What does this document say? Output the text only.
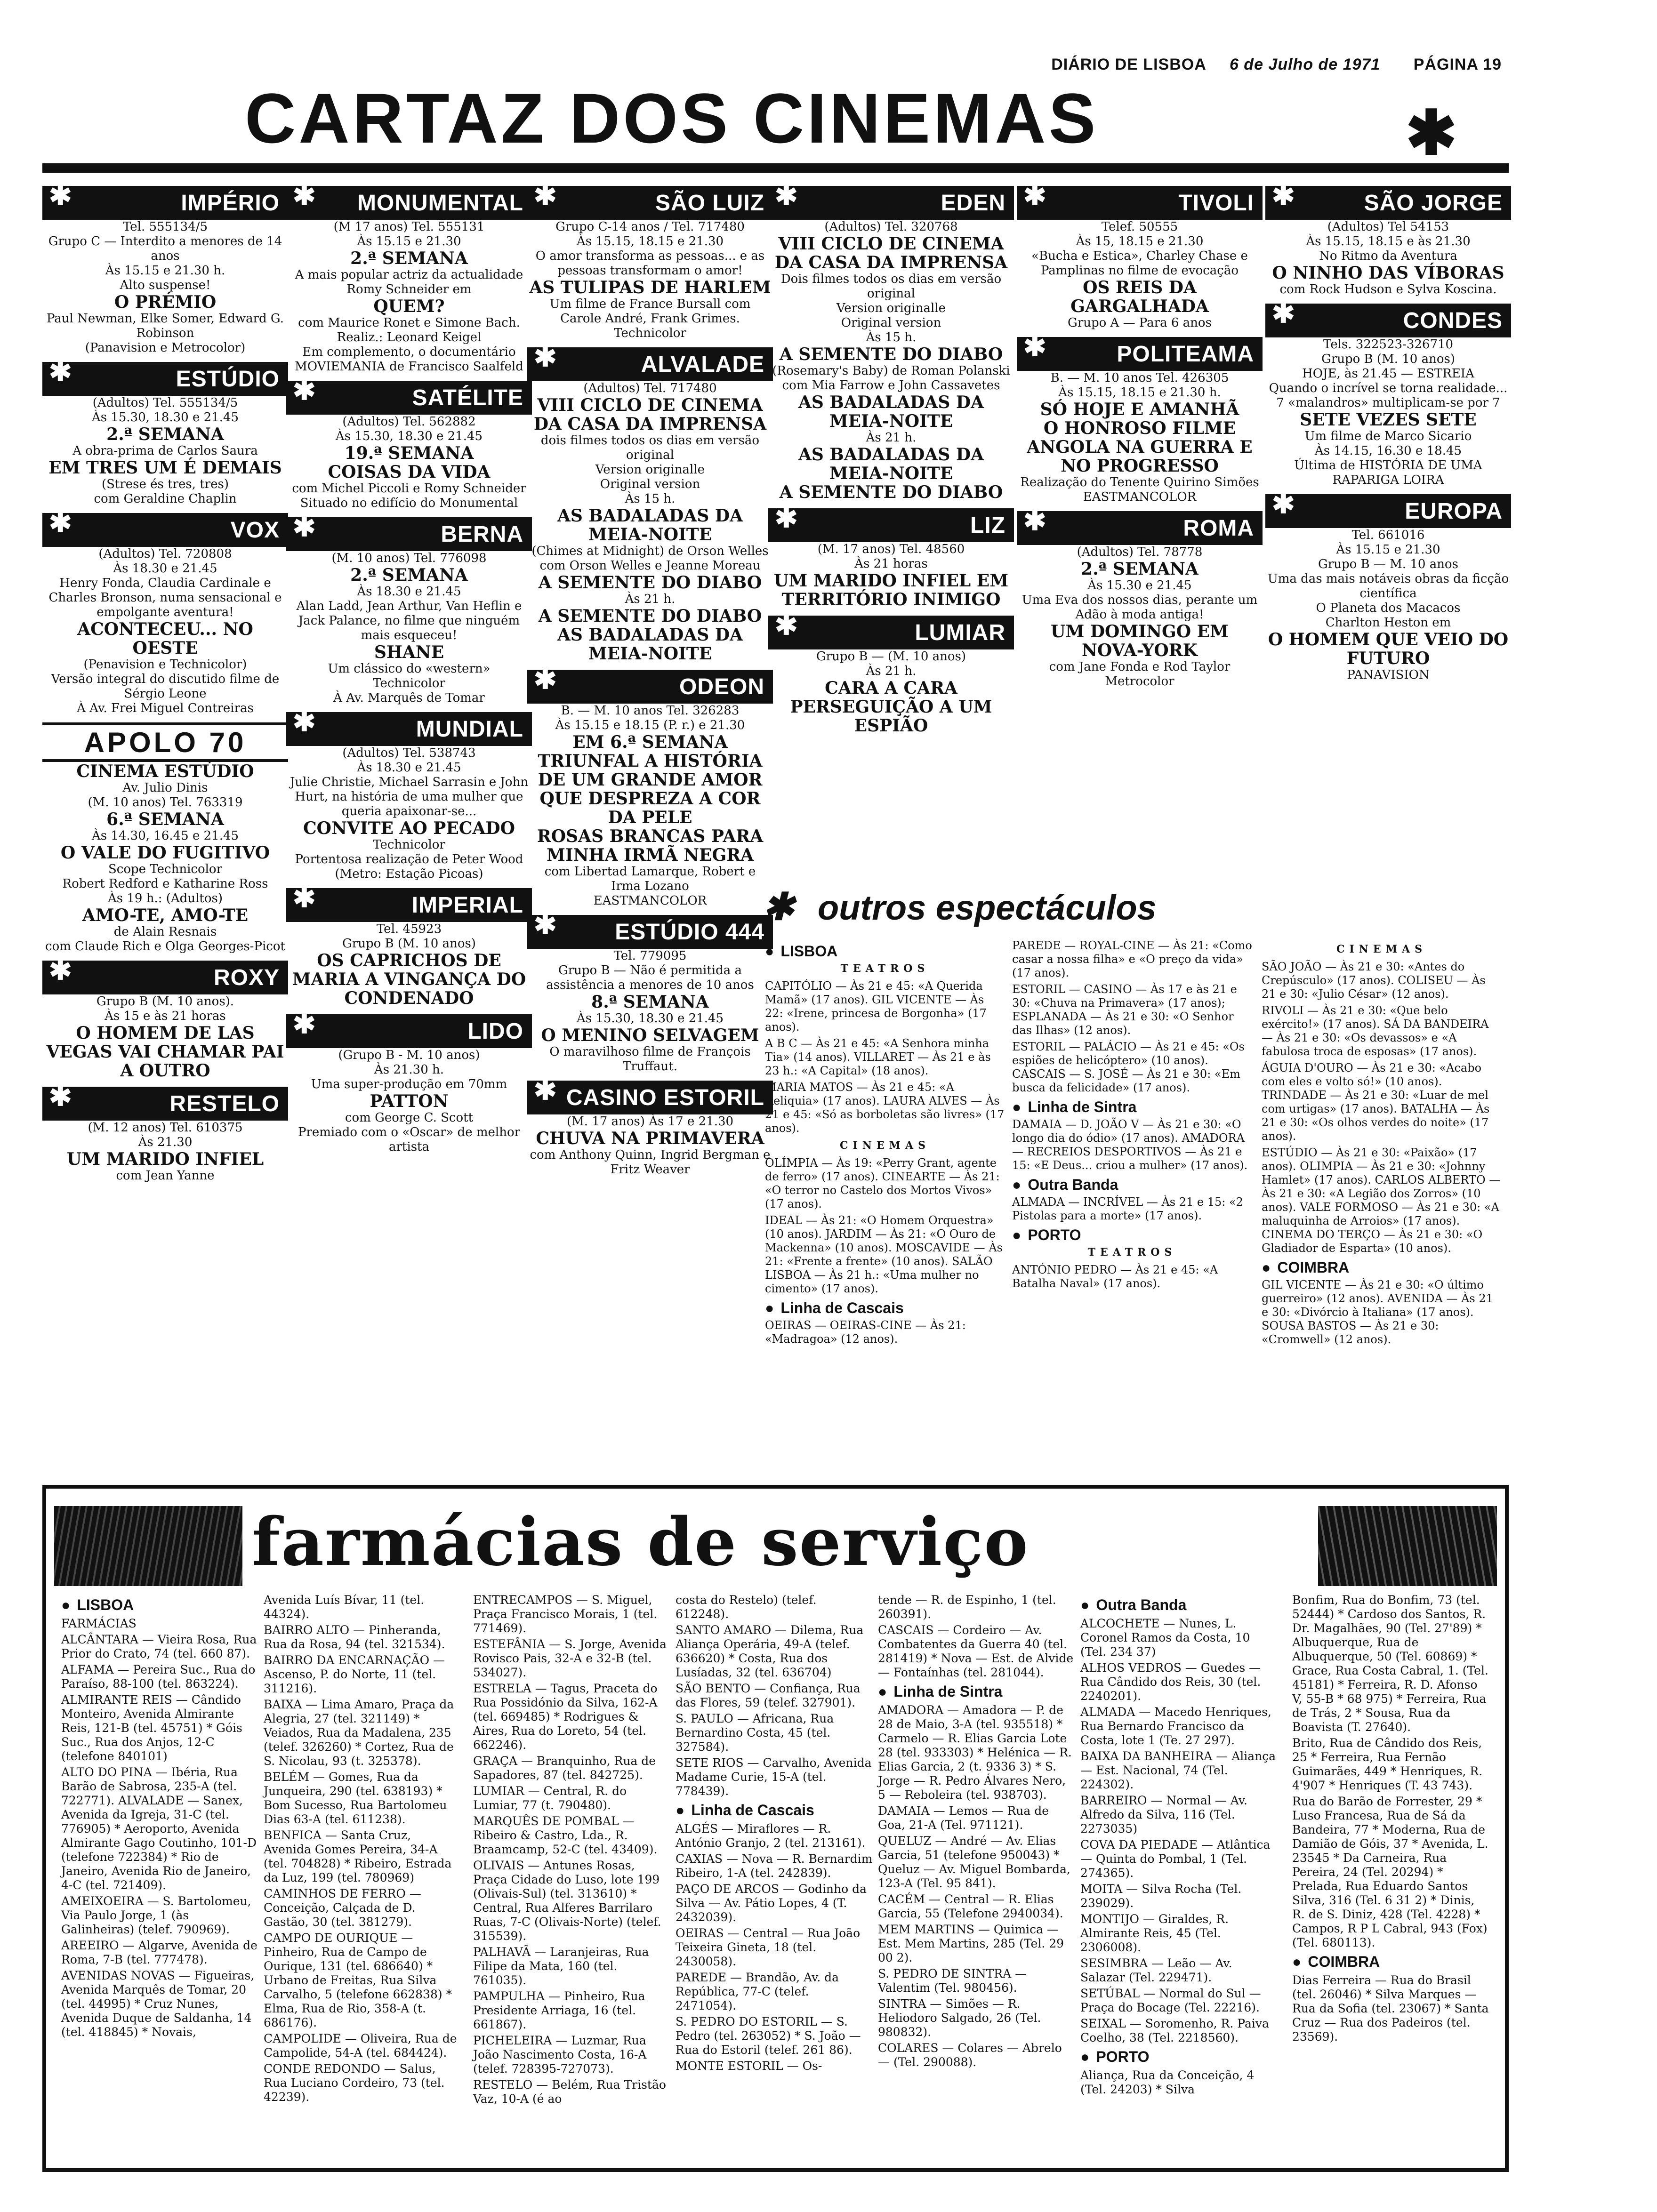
DIÁRIO DE LISBOA 6 de Julho de 1971 PÁGINA 19
CARTAZ DOS CINEMAS	✱
✱	IMPÉRIO
Tel. 555134/5
Grupo C — Interdito a menores de 14 anos
Às 15.15 e 21.30 h.
Alto suspense!
O PRÉMIO
Paul Newman, Elke Somer, Edward G. Robinson
(Panavision e Metrocolor)
✱	ESTÚDIO
(Adultos) Tel. 555134/5
Às 15.30, 18.30 e 21.45
2.ª SEMANA
A obra-prima de Carlos Saura
EM TRES UM É DEMAIS
(Strese és tres, tres)
com Geraldine Chaplin
✱	VOX
(Adultos) Tel. 720808
Às 18.30 e 21.45
Henry Fonda, Claudia Cardinale e Charles Bronson, numa sensacional e empolgante aventura!
ACONTECEU... NO OESTE
(Penavision e Technicolor)
Versão integral do discutido filme de Sérgio Leone
À Av. Frei Miguel Contreiras
APOLO 70
CINEMA ESTÚDIO
Av. Julio Dinis
(M. 10 anos) Tel. 763319
6.ª SEMANA
Às 14.30, 16.45 e 21.45
O VALE DO FUGITIVO
Scope Technicolor
Robert Redford e Katharine Ross
Às 19 h.: (Adultos)
AMO-TE, AMO-TE
de Alain Resnais
com Claude Rich e Olga Georges-Picot
✱	ROXY
Grupo B (M. 10 anos).
Às 15 e às 21 horas
O HOMEM DE LAS VEGAS VAI CHAMAR PAI A OUTRO
✱	RESTELO
(M. 12 anos) Tel. 610375
Às 21.30
UM MARIDO INFIEL
com Jean Yanne
✱ MONUMENTAL
(M 17 anos) Tel. 555131
Às 15.15 e 21.30
2.ª SEMANA
A mais popular actriz da actualidade
Romy Schneider em
QUEM?
com Maurice Ronet e Simone Bach. Realiz.: Leonard Keigel
Em complemento, o documentário MOVIEMANIA de Francisco Saalfeld
✱	SATÉLITE
(Adultos) Tel. 562882
Às 15.30, 18.30 e 21.45
19.ª SEMANA
COISAS DA VIDA
com Michel Piccoli e Romy Schneider
Situado no edifício do Monumental
✱	BERNA
(M. 10 anos) Tel. 776098
2.ª SEMANA
Às 18.30 e 21.45
Alan Ladd, Jean Arthur, Van Heflin e Jack Palance, no filme que ninguém mais esqueceu!
SHANE
Um clássico do «western»
Technicolor
À Av. Marquês de Tomar
✱	MUNDIAL
(Adultos) Tel. 538743
Às 18.30 e 21.45
Julie Christie, Michael Sarrasin e John Hurt, na história de uma mulher que queria apaixonar-se...
CONVITE AO PECADO
Technicolor
Portentosa realização de Peter Wood
(Metro: Estação Picoas)
✱	IMPERIAL
Tel. 45923
Grupo B (M. 10 anos)
OS CAPRICHOS DE MARIA A VINGANÇA DO CONDENADO
✱	LIDO
(Grupo B - M. 10 anos)
Às 21.30 h.
Uma super-produção em 70mm
PATTON
com George C. Scott
Premiado com o «Oscar» de melhor artista
✱	SÃO LUIZ
Grupo C-14 anos / Tel. 717480
Às 15.15, 18.15 e 21.30
O amor transforma as pessoas... e as pessoas transformam o amor!
AS TULIPAS DE HARLEM
Um filme de France Bursall com Carole André, Frank Grimes. Technicolor
✱	ALVALADE
(Adultos) Tel. 717480
VIII CICLO DE CINEMA DA CASA DA IMPRENSA
dois filmes todos os dias em versão original
Version originalle
Original version
Às 15 h.
AS BADALADAS DA MEIA-NOITE
(Chimes at Midnight) de Orson Welles com Orson Welles e Jeanne Moreau
A SEMENTE DO DIABO
Às 21 h.
A SEMENTE DO DIABO
AS BADALADAS DA MEIA-NOITE
✱	ODEON
B. — M. 10 anos Tel. 326283
Às 15.15 e 18.15 (P. r.) e 21.30
EM 6.ª SEMANA TRIUNFAL A HISTÓRIA DE UM GRANDE AMOR QUE DESPREZA A COR DA PELE
ROSAS BRANCAS PARA MINHA IRMÃ NEGRA
com Libertad Lamarque, Robert e Irma Lozano
EASTMANCOLOR
✱	ESTÚDIO 444
Tel. 779095
Grupo B — Não é permitida a assistência a menores de 10 anos
8.ª SEMANA
Às 15.30, 18.30 e 21.45
O MENINO SELVAGEM
O maravilhoso filme de François Truffaut.
✱ CASINO ESTORIL
(M. 17 anos) Às 17 e 21.30
CHUVA NA PRIMAVERA
com Anthony Quinn, Ingrid Bergman e Fritz Weaver
✱	EDEN
(Adultos) Tel. 320768
VIII CICLO DE CINEMA DA CASA DA IMPRENSA
Dois filmes todos os dias em versão original
Version originalle
Original version
Às 15 h.
A SEMENTE DO DIABO
(Rosemary's Baby) de Roman Polanski com Mia Farrow e John Cassavetes
AS BADALADAS DA MEIA-NOITE
Às 21 h.
AS BADALADAS DA MEIA-NOITE
A SEMENTE DO DIABO
✱	LIZ
(M. 17 anos) Tel. 48560
Às 21 horas
UM MARIDO INFIEL EM TERRITÓRIO INIMIGO
✱	LUMIAR
Grupo B — (M. 10 anos)
Às 21 h.
CARA A CARA PERSEGUIÇÃO A UM ESPIÃO
✱	TIVOLI
Telef. 50555
Às 15, 18.15 e 21.30
«Bucha e Estica», Charley Chase e Pamplinas no filme de evocação
OS REIS DA GARGALHADA
Grupo A — Para 6 anos
✱	POLITEAMA
B. — M. 10 anos Tel. 426305
Às 15.15, 18.15 e 21.30 h.
SÓ HOJE E AMANHÃ
O HONROSO FILME
ANGOLA NA GUERRA E NO PROGRESSO
Realização do Tenente Quirino Simões
EASTMANCOLOR
✱	ROMA
(Adultos) Tel. 78778
2.ª SEMANA
Às 15.30 e 21.45
Uma Eva dos nossos dias, perante um Adão à moda antiga!
UM DOMINGO EM NOVA-YORK
com Jane Fonda e Rod Taylor
Metrocolor
✱	SÃO JORGE
(Adultos) Tel 54153
Às 15.15, 18.15 e às 21.30
No Ritmo da Aventura
O NINHO DAS VÍBORAS
com Rock Hudson e Sylva Koscina.
✱	CONDES
Tels. 322523-326710
Grupo B (M. 10 anos)
HOJE, às 21.45 — ESTREIA
Quando o incrível se torna realidade...
7 «malandros» multiplicam-se por 7
SETE VEZES SETE
Um filme de Marco Sicario
Às 14.15, 16.30 e 18.45
Última de HISTÓRIA DE UMA RAPARIGA LOIRA
✱	EUROPA
Tel. 661016
Às 15.15 e 21.30
Grupo B — M. 10 anos
Uma das mais notáveis obras da ficção científica
O Planeta dos Macacos
Charlton Heston em
O HOMEM QUE VEIO DO FUTURO
PANAVISION
✱ outros espectáculos
● LISBOA
TEATROS

CAPITÓLIO — Às 21 e 45: «A Querida Mamã» (17 anos). GIL VICENTE — Às 22: «Irene, princesa de Borgonha» (17 anos).

A B C — Às 21 e 45: «A Senhora minha Tia» (14 anos). VILLARET — Às 21 e às 23 h.: «A Capital» (18 anos).

MARIA MATOS — Às 21 e 45: «A Reliquia» (17 anos). LAURA ALVES — Às 21 e 45: «Só as borboletas são livres» (17 anos).

CINEMAS

OLÍMPIA — Às 19: «Perry Grant, agente de ferro» (17 anos). CINEARTE — Às 21: «O terror no Castelo dos Mortos Vivos» (17 anos).

IDEAL — Às 21: «O Homem Orquestra» (10 anos). JARDIM — Às 21: «O Ouro de Mackenna» (10 anos). MOSCAVIDE — Às 21: «Frente a frente» (10 anos). SALÃO LISBOA — Às 21 h.: «Uma mulher no cimento» (17 anos).

● Linha de Cascais

OEIRAS — OEIRAS-CINE — Às 21: «Madragoa» (12 anos).

PAREDE — ROYAL-CINE — Às 21: «Como casar a nossa filha» e «O preço da vida» (17 anos).

ESTORIL — CASINO — Às 17 e às 21 e 30: «Chuva na Primavera» (17 anos); ESPLANADA — Às 21 e 30: «O Senhor das Ilhas» (12 anos).

ESTORIL — PALÁCIO — Às 21 e 45: «Os espiões de helicóptero» (10 anos). CASCAIS — S. JOSÉ — Às 21 e 30: «Em busca da felicidade» (17 anos).

● Linha de Sintra

DAMAIA — D. JOÃO V — Às 21 e 30: «O longo dia do ódio» (17 anos). AMADORA — RECREIOS DESPORTIVOS — Às 21 e 15: «E Deus... criou a mulher» (17 anos).

● Outra Banda

ALMADA — INCRÍVEL — Às 21 e 15: «2 Pistolas para a morte» (17 anos).

● PORTO
TEATROS

ANTÓNIO PEDRO — Às 21 e 45: «A Batalha Naval» (17 anos).

CINEMAS

SÃO JOÃO — Às 21 e 30: «Antes do Crepúsculo» (17 anos). COLISEU — Às 21 e 30: «Julio César» (12 anos).

RIVOLI — Às 21 e 30: «Que belo exército!» (17 anos). SÁ DA BANDEIRA — Às 21 e 30: «Os devassos» e «A fabulosa troca de esposas» (17 anos).

ÁGUIA D'OURO — Às 21 e 30: «Acabo com eles e volto só!» (10 anos). TRINDADE — Às 21 e 30: «Luar de mel com urtigas» (17 anos). BATALHA — Às 21 e 30: «Os olhos verdes do noite» (17 anos).

ESTÚDIO — Às 21 e 30: «Paixão» (17 anos). OLIMPIA — Às 21 e 30: «Johnny Hamlet» (17 anos). CARLOS ALBERTO — Às 21 e 30: «A Legião dos Zorros» (10 anos). VALE FORMOSO — Às 21 e 30: «A maluquinha de Arroios» (17 anos). CINEMA DO TERÇO — Às 21 e 30: «O Gladiador de Esparta» (10 anos).

● COIMBRA

GIL VICENTE — Às 21 e 30: «O último guerreiro» (12 anos). AVENIDA — Às 21 e 30: «Divórcio à Italiana» (17 anos). SOUSA BASTOS — Às 21 e 30: «Cromwell» (12 anos).

farmácias de serviço
● LISBOA

FARMÁCIAS

ALCÂNTARA — Vieira Rosa, Rua Prior do Crato, 74 (tel. 660 87).

ALFAMA — Pereira Suc., Rua do Paraíso, 88-100 (tel. 863224).

ALMIRANTE REIS — Cândido Monteiro, Avenida Almirante Reis, 121-B (tel. 45751) * Góis Suc., Rua dos Anjos, 12-C (telefone 840101)

ALTO DO PINA — Ibéria, Rua Barão de Sabrosa, 235-A (tel. 722771). ALVALADE — Sanex, Avenida da Igreja, 31-C (tel. 776905) * Aeroporto, Avenida Almirante Gago Coutinho, 101-D (telefone 722384) * Rio de Janeiro, Avenida Rio de Janeiro, 4-C (tel. 721409).

AMEIXOEIRA — S. Bartolomeu, Via Paulo Jorge, 1 (às Galinheiras) (telef. 790969).

AREEIRO — Algarve, Avenida de Roma, 7-B (tel. 777478).

AVENIDAS NOVAS — Figueiras, Avenida Marquês de Tomar, 20 (tel. 44995) * Cruz Nunes, Avenida Duque de Saldanha, 14 (tel. 418845) * Novais,

Avenida Luís Bívar, 11 (tel. 44324).

BAIRRO ALTO — Pinheranda, Rua da Rosa, 94 (tel. 321534).

BAIRRO DA ENCARNAÇÃO — Ascenso, P. do Norte, 11 (tel. 311216).

BAIXA — Lima Amaro, Praça da Alegria, 27 (tel. 321149) * Veiados, Rua da Madalena, 235 (telef. 326260) * Cortez, Rua de S. Nicolau, 93 (t. 325378).

BELÉM — Gomes, Rua da Junqueira, 290 (tel. 638193) * Bom Sucesso, Rua Bartolomeu Dias 63-A (tel. 611238).

BENFICA — Santa Cruz, Avenida Gomes Pereira, 34-A (tel. 704828) * Ribeiro, Estrada da Luz, 199 (tel. 780969)

CAMINHOS DE FERRO — Conceição, Calçada de D. Gastão, 30 (tel. 381279).

CAMPO DE OURIQUE — Pinheiro, Rua de Campo de Ourique, 131 (tel. 686640) * Urbano de Freitas, Rua Silva Carvalho, 5 (telefone 662838) * Elma, Rua de Rio, 358-A (t. 686176).

CAMPOLIDE — Oliveira, Rua de Campolide, 54-A (tel. 684424).

CONDE REDONDO — Salus, Rua Luciano Cordeiro, 73 (tel. 42239).

ENTRECAMPOS — S. Miguel, Praça Francisco Morais, 1 (tel. 771469).

ESTEFÂNIA — S. Jorge, Avenida Rovisco Pais, 32-A e 32-B (tel. 534027).

ESTRELA — Tagus, Praceta do Rua Possidónio da Silva, 162-A (tel. 669485) * Rodrigues & Aires, Rua do Loreto, 54 (tel. 662246).

GRAÇA — Branquinho, Rua de Sapadores, 87 (tel. 842725).

LUMIAR — Central, R. do Lumiar, 77 (t. 790480).

MARQUÊS DE POMBAL — Ribeiro & Castro, Lda., R. Braamcamp, 52-C (tel. 43409).

OLIVAIS — Antunes Rosas, Praça Cidade do Luso, lote 199 (Olivais-Sul) (tel. 313610) * Central, Rua Alferes Barrilaro Ruas, 7-C (Olivais-Norte) (telef. 315539).

PALHAVÃ — Laranjeiras, Rua Filipe da Mata, 160 (tel. 761035).

PAMPULHA — Pinheiro, Rua Presidente Arriaga, 16 (tel. 661867).

PICHELEIRA — Luzmar, Rua João Nascimento Costa, 16-A (telef. 728395-727073).

RESTELO — Belém, Rua Tristão Vaz, 10-A (é ao

costa do Restelo) (telef. 612248).

SANTO AMARO — Dilema, Rua Aliança Operária, 49-A (telef. 636620) * Costa, Rua dos Lusíadas, 32 (tel. 636704)

SÃO BENTO — Confiança, Rua das Flores, 59 (telef. 327901).

S. PAULO — Africana, Rua Bernardino Costa, 45 (tel. 327584).

SETE RIOS — Carvalho, Avenida Madame Curie, 15-A (tel. 778439).

● Linha de Cascais

ALGÉS — Miraflores — R. António Granjo, 2 (tel. 213161).

CAXIAS — Nova — R. Bernardim Ribeiro, 1-A (tel. 242839).

PAÇO DE ARCOS — Godinho da Silva — Av. Pátio Lopes, 4 (T. 2432039).

OEIRAS — Central — Rua João Teixeira Gineta, 18 (tel. 2430058).

PAREDE — Brandão, Av. da República, 77-C (telef. 2471054).

S. PEDRO DO ESTORIL — S. Pedro (tel. 263052) * S. João — Rua do Estoril (telef. 261 86).

MONTE ESTORIL — Os-

tende — R. de Espinho, 1 (tel. 260391).

CASCAIS — Cordeiro — Av. Combatentes da Guerra 40 (tel. 281419) * Nova — Est. de Alvide — Fontaínhas (tel. 281044).

● Linha de Sintra

AMADORA — Amadora — P. de 28 de Maio, 3-A (tel. 935518) * Carmelo — R. Elias Garcia Lote 28 (tel. 933303) * Helénica — R. Elias Garcia, 2 (t. 9336 3) * S. Jorge — R. Pedro Álvares Nero, 5 — Reboleira (tel. 938703).

DAMAIA — Lemos — Rua de Goa, 21-A (Tel. 971121).

QUELUZ — André — Av. Elias Garcia, 51 (telefone 950043) * Queluz — Av. Miguel Bombarda, 123-A (Tel. 95 841).

CACÉM — Central — R. Elias Garcia, 55 (Telefone 2940034).

MEM MARTINS — Quimica — Est. Mem Martins, 285 (Tel. 29 00 2).

S. PEDRO DE SINTRA — Valentim (Tel. 980456).

SINTRA — Simões — R. Heliodoro Salgado, 26 (Tel. 980832).

COLARES — Colares — Abrelo — (Tel. 290088).

● Outra Banda

ALCOCHETE — Nunes, L. Coronel Ramos da Costa, 10 (Tel. 234 37)

ALHOS VEDROS — Guedes — Rua Cândido dos Reis, 30 (tel. 2240201).

ALMADA — Macedo Henriques, Rua Bernardo Francisco da Costa, lote 1 (Te. 27 297).

BAIXA DA BANHEIRA — Aliança — Est. Nacional, 74 (Tel. 224302).

BARREIRO — Normal — Av. Alfredo da Silva, 116 (Tel. 2273035)

COVA DA PIEDADE — Atlântica — Quinta do Pombal, 1 (Tel. 274365).

MOITA — Silva Rocha (Tel. 239029).

MONTIJO — Giraldes, R. Almirante Reis, 45 (Tel. 2306008).

SESIMBRA — Leão — Av. Salazar (Tel. 229471).

SETÚBAL — Normal do Sul — Praça do Bocage (Tel. 22216).

SEIXAL — Soromenho, R. Paiva Coelho, 38 (Tel. 2218560).

● PORTO

Aliança, Rua da Conceição, 4 (Tel. 24203) * Silva

Bonfim, Rua do Bonfim, 73 (tel. 52444) * Cardoso dos Santos, R. Dr. Magalhães, 90 (Tel. 27'89) * Albuquerque, Rua de Albuquerque, 50 (Tel. 60869) * Grace, Rua Costa Cabral, 1. (Tel. 45181) * Ferreira, R. D. Afonso V, 55-B * 68 975) * Ferreira, Rua de Trás, 2 * Sousa, Rua da Boavista (T. 27640).

Brito, Rua de Cândido dos Reis, 25 * Ferreira, Rua Fernão Guimarães, 449 * Henriques, R. 4'907 * Henriques (T. 43 743).

Rua do Barão de Forrester, 29 * Luso Francesa, Rua de Sá da Bandeira, 77 * Moderna, Rua de Damião de Góis, 37 * Avenida, L. 23545 * Da Carneira, Rua Pereira, 24 (Tel. 20294) * Prelada, Rua Eduardo Santos Silva, 316 (Tel. 6 31 2) * Dinis, R. de S. Diniz, 428 (Tel. 4228) * Campos, R P L Cabral, 943 (Fox) (Tel. 680113).

● COIMBRA

Dias Ferreira — Rua do Brasil (tel. 26046) * Silva Marques — Rua da Sofia (tel. 23067) * Santa Cruz — Rua dos Padeiros (tel. 23569).
